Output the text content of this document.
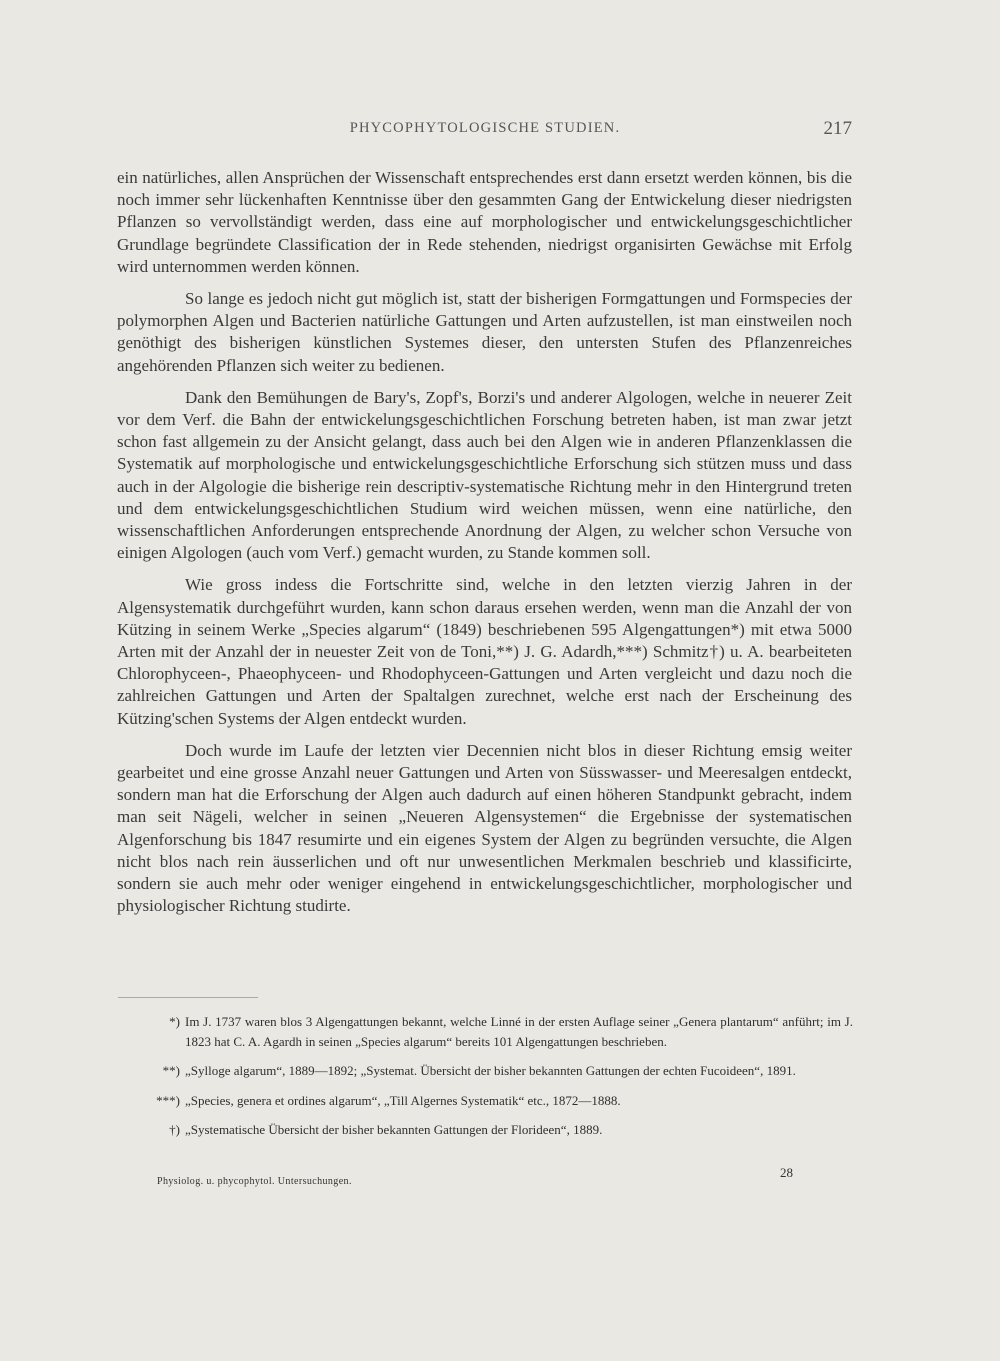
PHYCOPHYTOLOGISCHE STUDIEN.	217

ein natürliches, allen Ansprüchen der Wissenschaft entsprechendes erst dann ersetzt werden können, bis die noch immer sehr lückenhaften Kenntnisse über den gesammten Gang der Entwickelung dieser niedrigsten Pflanzen so vervollständigt werden, dass eine auf morphologischer und entwickelungsgeschichtlicher Grundlage begründete Classification der in Rede stehenden, niedrigst organisirten Gewächse mit Erfolg wird unternommen werden können.

So lange es jedoch nicht gut möglich ist, statt der bisherigen Formgattungen und Formspecies der polymorphen Algen und Bacterien natürliche Gattungen und Arten aufzustellen, ist man einstweilen noch genöthigt des bisherigen künstlichen Systemes dieser, den untersten Stufen des Pflanzenreiches angehörenden Pflanzen sich weiter zu bedienen.

Dank den Bemühungen de Bary's, Zopf's, Borzi's und anderer Algologen, welche in neuerer Zeit vor dem Verf. die Bahn der entwickelungsgeschichtlichen Forschung betreten haben, ist man zwar jetzt schon fast allgemein zu der Ansicht gelangt, dass auch bei den Algen wie in anderen Pflanzenklassen die Systematik auf morphologische und entwickelungsgeschichtliche Erforschung sich stützen muss und dass auch in der Algologie die bisherige rein descriptiv-systematische Richtung mehr in den Hintergrund treten und dem entwickelungsgeschichtlichen Studium wird weichen müssen, wenn eine natürliche, den wissenschaftlichen Anforderungen entsprechende Anordnung der Algen, zu welcher schon Versuche von einigen Algologen (auch vom Verf.) gemacht wurden, zu Stande kommen soll.

Wie gross indess die Fortschritte sind, welche in den letzten vierzig Jahren in der Algensystematik durchgeführt wurden, kann schon daraus ersehen werden, wenn man die Anzahl der von Kützing in seinem Werke „Species algarum“ (1849) beschriebenen 595 Algengattungen*) mit etwa 5000 Arten mit der Anzahl der in neuester Zeit von de Toni,**) J. G. Adardh,***) Schmitz†) u. A. bearbeiteten Chlorophyceen-, Phaeophyceen- und Rhodophyceen-Gattungen und Arten vergleicht und dazu noch die zahlreichen Gattungen und Arten der Spaltalgen zurechnet, welche erst nach der Erscheinung des Kützing'schen Systems der Algen entdeckt wurden.

Doch wurde im Laufe der letzten vier Decennien nicht blos in dieser Richtung emsig weiter gearbeitet und eine grosse Anzahl neuer Gattungen und Arten von Süsswasser- und Meeresalgen entdeckt, sondern man hat die Erforschung der Algen auch dadurch auf einen höheren Standpunkt gebracht, indem man seit Nägeli, welcher in seinen „Neueren Algensystemen“ die Ergebnisse der systematischen Algenforschung bis 1847 resumirte und ein eigenes System der Algen zu begründen versuchte, die Algen nicht blos nach rein äusserlichen und oft nur unwesentlichen Merkmalen beschrieb und klassificirte, sondern sie auch mehr oder weniger eingehend in entwickelungsgeschichtlicher, morphologischer und physiologischer Richtung studirte.

*) Im J. 1737 waren blos 3 Algengattungen bekannt, welche Linné in der ersten Auflage seiner „Genera plantarum“ anführt; im J. 1823 hat C. A. Agardh in seinen „Species algarum“ bereits 101 Algengattungen beschrieben.
**) „Sylloge algarum“, 1889—1892; „Systemat. Übersicht der bisher bekannten Gattungen der echten Fucoideen“, 1891.
***) „Species, genera et ordines algarum“, „Till Algernes Systematik“ etc., 1872—1888.
†) „Systematische Übersicht der bisher bekannten Gattungen der Florideen“, 1889.
28
Physiolog. u. phycophytol. Untersuchungen.
